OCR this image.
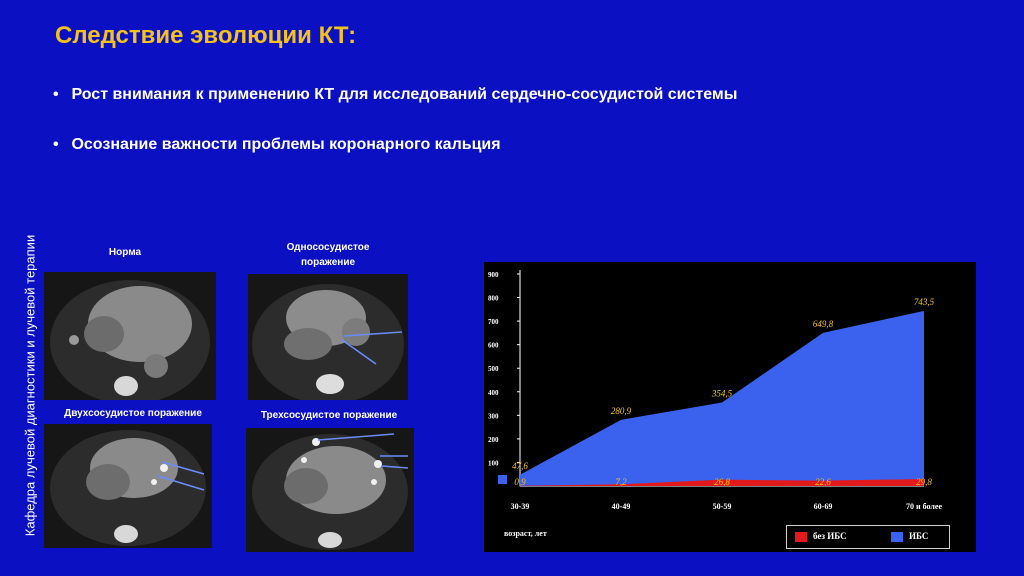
Следствие эволюции КТ:
• Рост внимания к применению КТ для исследований сердечно-сосудистой системы
• Осознание важности проблемы коронарного кальция
Кафедра лучевой диагностики и лучевой терапии	Норма	Однососудистое
поражение
Двухсосудистое поражение	Трехсосудистое поражение
100
200
300
400
500
600
700
800
900
0,9	7,2	26,8	22,6	29,8
47,6
280,9
354,5
649,8
743,5
30-39	40-49	50-59	60-69	70 и более
возраст, лет	без ИБС	ИБС
